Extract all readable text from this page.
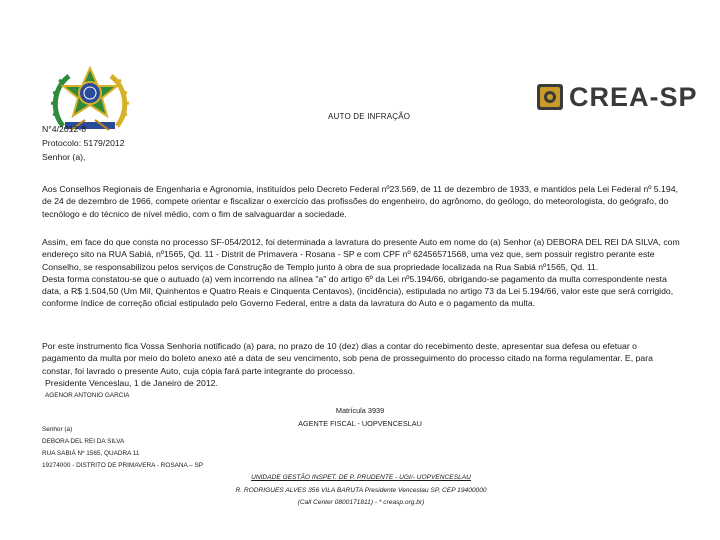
CREA-SP
AUTO DE INFRAÇÃO

N°4/2012-8

Protocolo: 5179/2012

Senhor (a),

Aos Conselhos Regionais de Engenharia e Agronomia, instituídos pelo Decreto Federal nº23.569, de 11 de dezembro de 1933, e mantidos pela Lei Federal nº 5.194, de 24 de dezembro de 1966, compete orientar e fiscalizar o exercício das profissões do engenheiro, do agrônomo, do geólogo, do meteorologista, do geógrafo, do tecnólogo e do técnico de nível médio, com o fim de salvaguardar a sociedade.

Assim, em face do que consta no processo SF-054/2012, foi determinada a lavratura do presente Auto em nome do (a) Senhor (a) DEBORA DEL REI DA SILVA, com endereço sito na RUA Sabiá, nº1565, Qd. 11 - Distrit de Primavera - Rosana - SP e com CPF nº 62456571568, uma vez que, sem possuir registro perante este Conselho, se responsabilizou pelos serviços de Construção de Templo junto à obra de sua propriedade localizada na Rua Sabiá nº1565, Qd. 11.

Desta forma constatou-se que o autuado (a) vem incorrendo na alínea "a" do artigo 6º da Lei nº5.194/66, obrigando-se pagamento da multa correspondente nesta data, a R$ 1.504,50 (Um Mil, Quinhentos e Quatro Reais e Cinquenta Centavos), (incidência), estipulada no artigo 73 da Lei 5.194/66, valor este que será corrigido, conforme índice de correção oficial estipulado pelo Governo Federal, entre a data da lavratura do Auto e o pagamento da multa.

Por este instrumento fica Vossa Senhoria notificado (a) para, no prazo de 10 (dez) dias a contar do recebimento deste, apresentar sua defesa ou efetuar o pagamento da multa por meio do boleto anexo até a data de seu vencimento, sob pena de prosseguimento do processo citado na forma regulamentar. E, para constar, foi lavrado o presente Auto, cuja cópia fará parte integrante do processo.

Presidente Venceslau, 1 de Janeiro de 2012.

AGENOR ANTONIO GARCIA

Matrícula 3939

AGENTE FISCAL - UOPVENCESLAU

Senhor (a)

DEBORA DEL REI DA SILVA

RUA SABIÁ Nº 1565, QUADRA 11

19274000 - DISTRITO DE PRIMAVERA - ROSANA – SP

UNIDADE GESTÃO INSPET. DE P. PRUDENTE - UGI/- UOPVENCESLAU

R. RODRIGUES ALVES 356 VILA BARUTA Presidente Venceslau SP, CEP 19400000

(Call Center 0800171811) - * creasp.org.br)
